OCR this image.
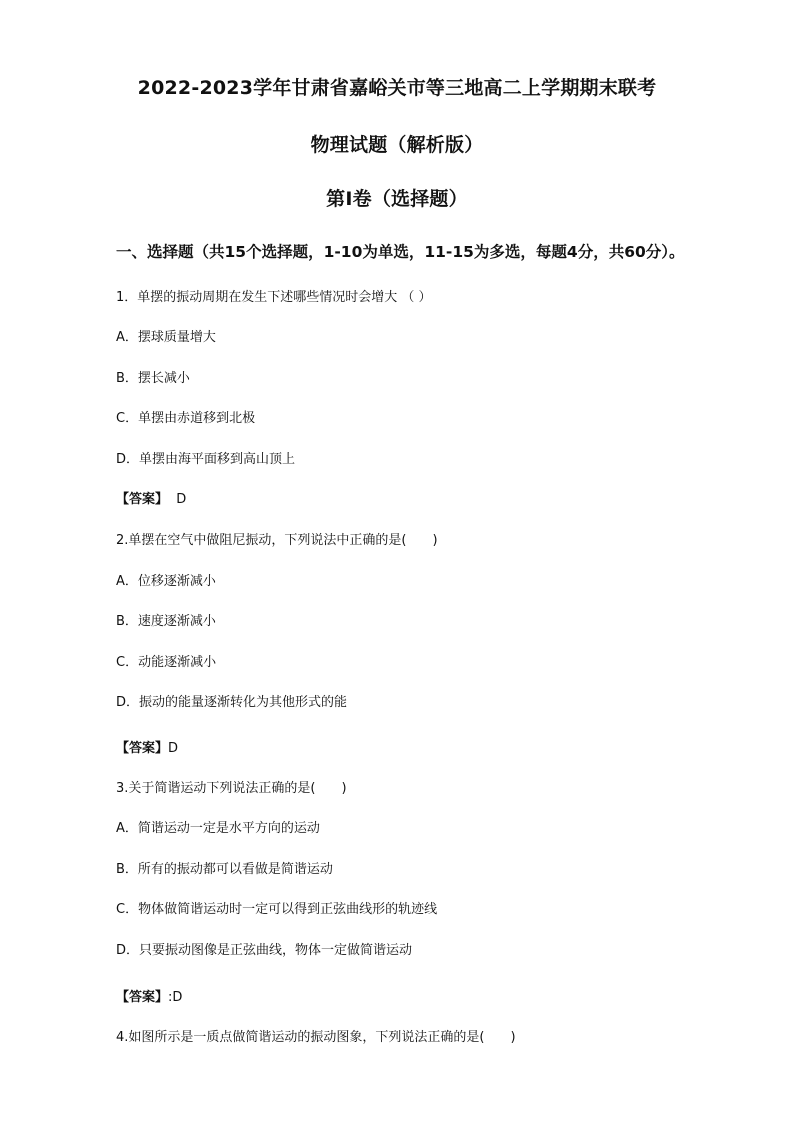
2022-2023学年甘肃省嘉峪关市等三地高二上学期期末联考
物理试题（解析版）
第Ⅰ卷（选择题）
一、选择题（共15个选择题，1-10为单选，11-15为多选，每题4分，共60分）。
1．单摆的振动周期在发生下述哪些情况时会增大 （ ）
A．摆球质量增大
B．摆长减小
C．单摆由赤道移到北极
D．单摆由海平面移到高山顶上
【答案】  D
2.单摆在空气中做阻尼振动，下列说法中正确的是(　　)
A．位移逐渐减小
B．速度逐渐减小
C．动能逐渐减小
D．振动的能量逐渐转化为其他形式的能
【答案】D
3.关于简谐运动下列说法正确的是(　　)
A．简谐运动一定是水平方向的运动
B．所有的振动都可以看做是简谐运动
C．物体做简谐运动时一定可以得到正弦曲线形的轨迹线
D．只要振动图像是正弦曲线，物体一定做简谐运动
【答案】:D
4.如图所示是一质点做简谐运动的振动图象，下列说法正确的是(　　)
